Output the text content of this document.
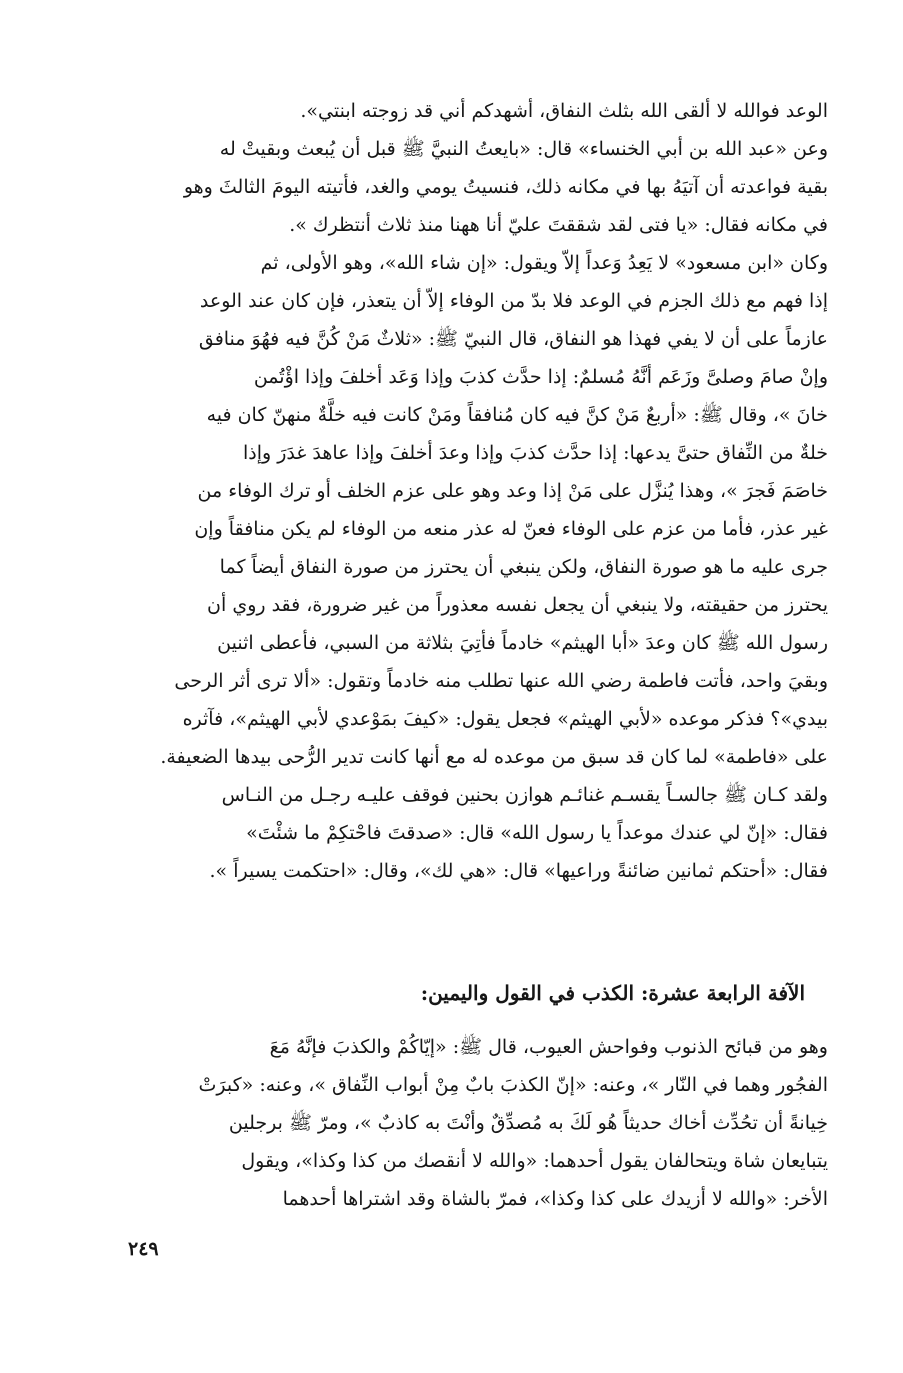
الوعد فوالله لا ألقى الله بثلث النفاق، أشهدكم أني قد زوجته ابنتي».
وعن «عبد الله بن أبي الخنساء» قال: «بايعتُ النبيَّ ﷺ قبل أن يُبعث وبقيتْ له
بقية فواعدته أن آتيَهُ بها في مكانه ذلك، فنسيتُ يومي والغد، فأتيته اليومَ الثالثَ وهو
في مكانه فقال: «يا فتى لقد شققتَ عليّ أنا ههنا منذ ثلاث أنتظرك ».
وكان «ابن مسعود» لا يَعِدُ وَعداً إلاّ ويقول: «إن شاء الله»، وهو الأولى، ثم
إذا فهم مع ذلك الجزم في الوعد فلا بدّ من الوفاء إلاّ أن يتعذر، فإن كان عند الوعد
عازماً على أن لا يفي فهذا هو النفاق، قال النبيّ ﷺ: «ثلاثٌ مَنْ كُنَّ فيه فهُوَ منافق
وإنْ صامَ وصلىَّ وزَعَم أنَّهُ مُسلمٌ: إذا حدَّث كذبَ وإذا وَعَد أخلفَ وإذا اؤْتُمن
خانَ »، وقال ﷺ: «أربعٌ مَنْ كنَّ فيه كان مُنافقاً ومَنْ كانت فيه خلَّةٌ منهنّ كان فيه
خلةٌ من النِّفاق حتىَّ يدعها: إذا حدَّث كذبَ وإذا وعدَ أخلفَ وإذا عاهدَ غدَرَ وإذا
خاصَمَ فَجرَ »، وهذا يُنزَّل على مَنْ إذا وعد وهو على عزم الخلف أو ترك الوفاء من
غير عذر، فأما من عزم على الوفاء فعنّ له عذر منعه من الوفاء لم يكن منافقاً وإن
جرى عليه ما هو صورة النفاق، ولكن ينبغي أن يحترز من صورة النفاق أيضاً كما
يحترز من حقيقته، ولا ينبغي أن يجعل نفسه معذوراً من غير ضرورة، فقد روي أن
رسول الله ﷺ كان وعدَ «أبا الهيثم» خادماً فأتِيَ بثلاثة من السبي، فأعطى اثنين
وبقيَ واحد، فأتت فاطمة رضي الله عنها تطلب منه خادماً وتقول: «ألا ترى أثر الرحى
بيدي»؟ فذكر موعده «لأبي الهيثم» فجعل يقول: «كيفَ بمَوْعدي لأبي الهيثم»، فآثره
على «فاطمة» لما كان قد سبق من موعده له مع أنها كانت تدير الرُّحى بيدها الضعيفة.
ولقد كـان ﷺ جالسـاً يقسـم غنائـم هوازن بحنين فوقف عليـه رجـل من النـاس
فقال: «إنّ لي عندك موعداً يا رسول الله» قال: «صدقتَ فاحْتكِمْ ما شئْتَ»
فقال: «أحتكم ثمانين ضائنةً وراعيها» قال: «هي لك»، وقال: «احتكمت يسيراً ».
الآفة الرابعة عشرة: الكذب في القول واليمين:
وهو من قبائح الذنوب وفواحش العيوب، قال ﷺ: «إيّاكُمْ والكذبَ فإنَّهُ مَعَ
الفجُور وهما في النّار »، وعنه: «إنّ الكذبَ بابٌ مِنْ أبواب النِّفاق »، وعنه: «كبرَتْ
خِيانةً أن تحُدِّث أخاك حديثاً هُو لَكَ به مُصدِّقٌ وأنْتَ به كاذبٌ »، ومرّ ﷺ برجلين
يتبايعان شاة ويتحالفان يقول أحدهما: «والله لا أنقصك من كذا وكذا»، ويقول
الأخر: «والله لا أزيدك على كذا وكذا»، فمرّ بالشاة وقد اشتراها أحدهما
٢٤٩
